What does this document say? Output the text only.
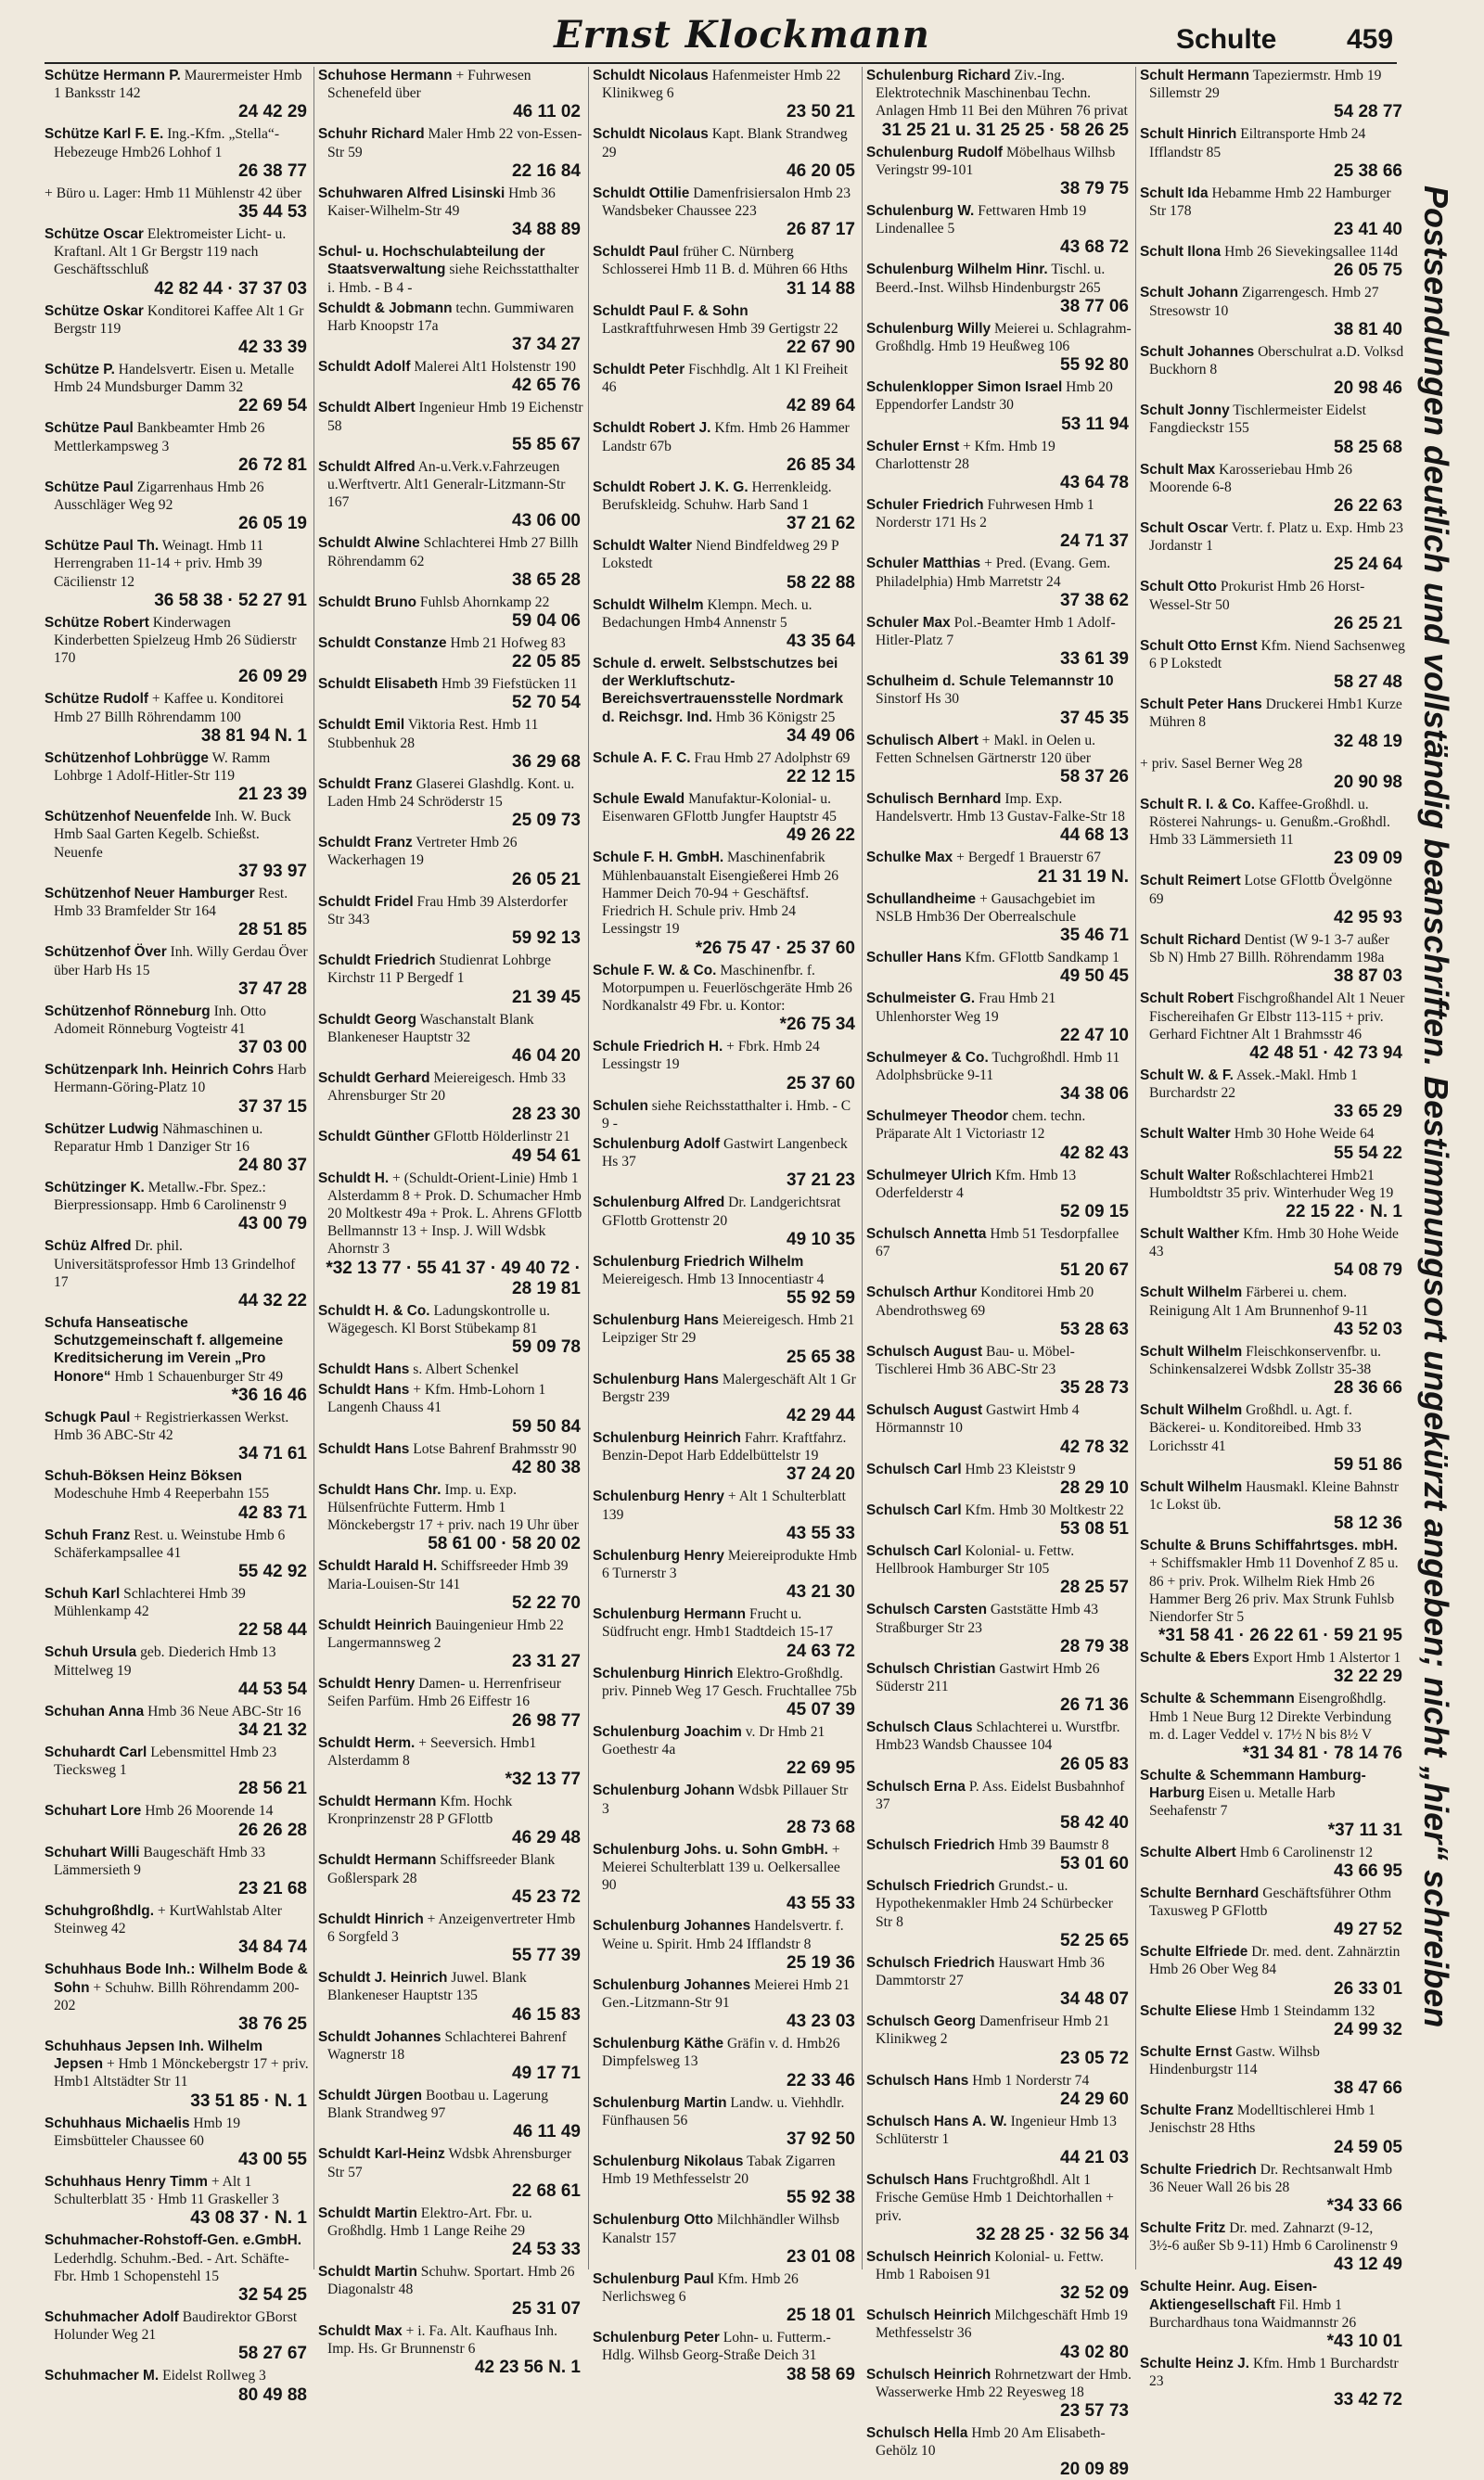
Ernst Klockmann	Schulte	459
Schütze Hermann P. Maurermeister Hmb 1 Banksstr 142
24 42 29
Schütze Karl F. E. Ing.-Kfm. „Stella“-Hebezeuge Hmb26 Lohhof 1
26 38 77
+ Büro u. Lager: Hmb 11 Mühlenstr 42 über
35 44 53
Schütze Oscar Elektromeister Licht- u. Kraftanl. Alt 1 Gr Bergstr 119 nach Geschäftsschluß
42 82 44 · 37 37 03
Schütze Oskar Konditorei Kaffee Alt 1 Gr Bergstr 119
42 33 39
Schütze P. Handelsvertr. Eisen u. Metalle Hmb 24 Mundsburger Damm 32
22 69 54
Schütze Paul Bankbeamter Hmb 26 Mettlerkampsweg 3
26 72 81
Schütze Paul Zigarrenhaus Hmb 26 Ausschläger Weg 92
26 05 19
Schütze Paul Th. Weinagt. Hmb 11 Herrengraben 11-14 + priv. Hmb 39 Cäcilienstr 12
36 58 38 · 52 27 91
Schütze Robert Kinderwagen Kinderbetten Spielzeug Hmb 26 Südierstr 170
26 09 29
Schütze Rudolf + Kaffee u. Konditorei Hmb 27 Billh Röhrendamm 100
38 81 94 N. 1
Schützenhof Lohbrügge W. Ramm Lohbrge 1 Adolf-Hitler-Str 119
21 23 39
Schützenhof Neuenfelde Inh. W. Buck Hmb Saal Garten Kegelb. Schießst. Neuenfe
37 93 97
Schützenhof Neuer Hamburger Rest. Hmb 33 Bramfelder Str 164
28 51 85
Schützenhof Över Inh. Willy Gerdau Över über Harb Hs 15
37 47 28
Schützenhof Rönneburg Inh. Otto Adomeit Rönneburg Vogteistr 41
37 03 00
Schützenpark Inh. Heinrich Cohrs Harb Hermann-Göring-Platz 10
37 37 15
Schützer Ludwig Nähmaschinen u. Reparatur Hmb 1 Danziger Str 16
24 80 37
Schützinger K. Metallw.-Fbr. Spez.: Bierpressionsapp. Hmb 6 Carolinenstr 9
43 00 79
Schüz Alfred Dr. phil. Universitätsprofessor Hmb 13 Grindelhof 17
44 32 22
Schufa Hanseatische Schutzgemeinschaft f. allgemeine Kreditsicherung im Verein „Pro Honore“ Hmb 1 Schauenburger Str 49
*36 16 46
Schugk Paul + Registrierkassen Werkst. Hmb 36 ABC-Str 42
34 71 61
Schuh-Böksen Heinz Böksen Modeschuhe Hmb 4 Reeperbahn 155
42 83 71
Schuh Franz Rest. u. Weinstube Hmb 6 Schäferkampsallee 41
55 42 92
Schuh Karl Schlachterei Hmb 39 Mühlenkamp 42
22 58 44
Schuh Ursula geb. Diederich Hmb 13 Mittelweg 19
44 53 54
Schuhan Anna Hmb 36 Neue ABC-Str 16
34 21 32
Schuhardt Carl Lebensmittel Hmb 23 Tiecksweg 1
28 56 21
Schuhart Lore Hmb 26 Moorende 14
26 26 28
Schuhart Willi Baugeschäft Hmb 33 Lämmersieth 9
23 21 68
Schuhgroßhdlg. + KurtWahlstab Alter Steinweg 42
34 84 74
Schuhhaus Bode Inh.: Wilhelm Bode & Sohn + Schuhw. Billh Röhrendamm 200-202
38 76 25
Schuhhaus Jepsen Inh. Wilhelm Jepsen + Hmb 1 Mönckebergstr 17 + priv. Hmb1 Altstädter Str 11
33 51 85 · N. 1
Schuhhaus Michaelis Hmb 19 Eimsbütteler Chaussee 60
43 00 55
Schuhhaus Henry Timm + Alt 1 Schulterblatt 35 · Hmb 11 Graskeller 3
43 08 37 · N. 1
Schuhmacher-Rohstoff-Gen. e.GmbH. Lederhdlg. Schuhm.-Bed. - Art. Schäfte-Fbr. Hmb 1 Schopenstehl 15
32 54 25
Schuhmacher Adolf Baudirektor GBorst Holunder Weg 21
58 27 67
Schuhmacher M. Eidelst Rollweg 3
80 49 88
Schuhose Hermann + Fuhrwesen Schenefeld über
46 11 02
Schuhr Richard Maler Hmb 22 von-Essen-Str 59
22 16 84
Schuhwaren Alfred Lisinski Hmb 36 Kaiser-Wilhelm-Str 49
34 88 89
Schul- u. Hochschulabteilung der Staatsverwaltung siehe Reichsstatthalter i. Hmb. - B 4 -
Schuldt & Jobmann techn. Gummiwaren Harb Knoopstr 17a
37 34 27
Schuldt Adolf Malerei Alt1 Holstenstr 190
42 65 76
Schuldt Albert Ingenieur Hmb 19 Eichenstr 58
55 85 67
Schuldt Alfred An-u.Verk.v.Fahrzeugen u.Werftvertr. Alt1 Generalr-Litzmann-Str 167
43 06 00
Schuldt Alwine Schlachterei Hmb 27 Billh Röhrendamm 62
38 65 28
Schuldt Bruno Fuhlsb Ahornkamp 22
59 04 06
Schuldt Constanze Hmb 21 Hofweg 83
22 05 85
Schuldt Elisabeth Hmb 39 Fiefstücken 11
52 70 54
Schuldt Emil Viktoria Rest. Hmb 11 Stubbenhuk 28
36 29 68
Schuldt Franz Glaserei Glashdlg. Kont. u. Laden Hmb 24 Schröderstr 15
25 09 73
Schuldt Franz Vertreter Hmb 26 Wackerhagen 19
26 05 21
Schuldt Fridel Frau Hmb 39 Alsterdorfer Str 343
59 92 13
Schuldt Friedrich Studienrat Lohbrge Kirchstr 11 P Bergedf 1
21 39 45
Schuldt Georg Waschanstalt Blank Blankeneser Hauptstr 32
46 04 20
Schuldt Gerhard Meiereigesch. Hmb 33 Ahrensburger Str 20
28 23 30
Schuldt Günther GFlottb Hölderlinstr 21
49 54 61
Schuldt H. + (Schuldt-Orient-Linie) Hmb 1 Alsterdamm 8 + Prok. D. Schumacher Hmb 20 Moltkestr 49a + Prok. L. Ahrens GFlottb Bellmannstr 13 + Insp. J. Will Wdsbk Ahornstr 3
*32 13 77 · 55 41 37 · 49 40 72 · 28 19 81
Schuldt H. & Co. Ladungskontrolle u. Wägegesch. Kl Borst Stübekamp 81
59 09 78
Schuldt Hans s. Albert Schenkel
Schuldt Hans + Kfm. Hmb-Lohorn 1 Langenh Chauss 41
59 50 84
Schuldt Hans Lotse Bahrenf Brahmsstr 90
42 80 38
Schuldt Hans Chr. Imp. u. Exp. Hülsenfrüchte Futterm. Hmb 1 Mönckebergstr 17 + priv. nach 19 Uhr über
58 61 00 · 58 20 02
Schuldt Harald H. Schiffsreeder Hmb 39 Maria-Louisen-Str 141
52 22 70
Schuldt Heinrich Bauingenieur Hmb 22 Langermannsweg 2
23 31 27
Schuldt Henry Damen- u. Herrenfriseur Seifen Parfüm. Hmb 26 Eiffestr 16
26 98 77
Schuldt Herm. + Seeversich. Hmb1 Alsterdamm 8
*32 13 77
Schuldt Hermann Kfm. Hochk Kronprinzenstr 28 P GFlottb
46 29 48
Schuldt Hermann Schiffsreeder Blank Goßlerspark 28
45 23 72
Schuldt Hinrich + Anzeigenvertreter Hmb 6 Sorgfeld 3
55 77 39
Schuldt J. Heinrich Juwel. Blank Blankeneser Hauptstr 135
46 15 83
Schuldt Johannes Schlachterei Bahrenf Wagnerstr 18
49 17 71
Schuldt Jürgen Bootbau u. Lagerung Blank Strandweg 97
46 11 49
Schuldt Karl-Heinz Wdsbk Ahrensburger Str 57
22 68 61
Schuldt Martin Elektro-Art. Fbr. u. Großhdlg. Hmb 1 Lange Reihe 29
24 53 33
Schuldt Martin Schuhw. Sportart. Hmb 26 Diagonalstr 48
25 31 07
Schuldt Max + i. Fa. Alt. Kaufhaus Inh. Imp. Hs. Gr Brunnenstr 6
42 23 56 N. 1
Schuldt Nicolaus Hafenmeister Hmb 22 Klinikweg 6
23 50 21
Schuldt Nicolaus Kapt. Blank Strandweg 29
46 20 05
Schuldt Ottilie Damenfrisiersalon Hmb 23 Wandsbeker Chaussee 223
26 87 17
Schuldt Paul früher C. Nürnberg Schlosserei Hmb 11 B. d. Mühren 66 Hths
31 14 88
Schuldt Paul F. & Sohn Lastkraftfuhrwesen Hmb 39 Gertigstr 22
22 67 90
Schuldt Peter Fischhdlg. Alt 1 Kl Freiheit 46
42 89 64
Schuldt Robert J. Kfm. Hmb 26 Hammer Landstr 67b
26 85 34
Schuldt Robert J. K. G. Herrenkleidg. Berufskleidg. Schuhw. Harb Sand 1
37 21 62
Schuldt Walter Niend Bindfeldweg 29 P Lokstedt
58 22 88
Schuldt Wilhelm Klempn. Mech. u. Bedachungen Hmb4 Annenstr 5
43 35 64
Schule d. erwelt. Selbstschutzes bei der Werkluftschutz-Bereichsvertrauensstelle Nordmark d. Reichsgr. Ind. Hmb 36 Königstr 25
34 49 06
Schule A. F. C. Frau Hmb 27 Adolphstr 69
22 12 15
Schule Ewald Manufaktur-Kolonial- u. Eisenwaren GFlottb Jungfer Hauptstr 45
49 26 22
Schule F. H. GmbH. Maschinenfabrik Mühlenbauanstalt Eisengießerei Hmb 26 Hammer Deich 70-94 + Geschäftsf. Friedrich H. Schule priv. Hmb 24 Lessingstr 19
*26 75 47 · 25 37 60
Schule F. W. & Co. Maschinenfbr. f. Motorpumpen u. Feuerlöschgeräte Hmb 26 Nordkanalstr 49 Fbr. u. Kontor:
*26 75 34
Schule Friedrich H. + Fbrk. Hmb 24 Lessingstr 19
25 37 60
Schulen siehe Reichsstatthalter i. Hmb. - C 9 -
Schulenburg Adolf Gastwirt Langenbeck Hs 37
37 21 23
Schulenburg Alfred Dr. Landgerichtsrat GFlottb Grottenstr 20
49 10 35
Schulenburg Friedrich Wilhelm Meiereigesch. Hmb 13 Innocentiastr 4
55 92 59
Schulenburg Hans Meiereigesch. Hmb 21 Leipziger Str 29
25 65 38
Schulenburg Hans Malergeschäft Alt 1 Gr Bergstr 239
42 29 44
Schulenburg Heinrich Fahrr. Kraftfahrz. Benzin-Depot Harb Eddelbüttelstr 19
37 24 20
Schulenburg Henry + Alt 1 Schulterblatt 139
43 55 33
Schulenburg Henry Meiereiprodukte Hmb 6 Turnerstr 3
43 21 30
Schulenburg Hermann Frucht u. Südfrucht engr. Hmb1 Stadtdeich 15-17
24 63 72
Schulenburg Hinrich Elektro-Großhdlg. priv. Pinneb Weg 17 Gesch. Fruchtallee 75b
45 07 39
Schulenburg Joachim v. Dr Hmb 21 Goethestr 4a
22 69 95
Schulenburg Johann Wdsbk Pillauer Str 3
28 73 68
Schulenburg Johs. u. Sohn GmbH. + Meierei Schulterblatt 139 u. Oelkersallee 90
43 55 33
Schulenburg Johannes Handelsvertr. f. Weine u. Spirit. Hmb 24 Ifflandstr 8
25 19 36
Schulenburg Johannes Meierei Hmb 21 Gen.-Litzmann-Str 91
43 23 03
Schulenburg Käthe Gräfin v. d. Hmb26 Dimpfelsweg 13
22 33 46
Schulenburg Martin Landw. u. Viehhdlr. Fünfhausen 56
37 92 50
Schulenburg Nikolaus Tabak Zigarren Hmb 19 Methfesselstr 20
55 92 38
Schulenburg Otto Milchhändler Wilhsb Kanalstr 157
23 01 08
Schulenburg Paul Kfm. Hmb 26 Nerlichsweg 6
25 18 01
Schulenburg Peter Lohn- u. Futterm.-Hdlg. Wilhsb Georg-Straße Deich 31
38 58 69
Schulenburg Richard Ziv.-Ing. Elektrotechnik Maschinenbau Techn. Anlagen Hmb 11 Bei den Mühren 76 privat
31 25 21 u. 31 25 25 · 58 26 25
Schulenburg Rudolf Möbelhaus Wilhsb Veringstr 99-101
38 79 75
Schulenburg W. Fettwaren Hmb 19 Lindenallee 5
43 68 72
Schulenburg Wilhelm Hinr. Tischl. u. Beerd.-Inst. Wilhsb Hindenburgstr 265
38 77 06
Schulenburg Willy Meierei u. Schlagrahm-Großhdlg. Hmb 19 Heußweg 106
55 92 80
Schulenklopper Simon Israel Hmb 20 Eppendorfer Landstr 30
53 11 94
Schuler Ernst + Kfm. Hmb 19 Charlottenstr 28
43 64 78
Schuler Friedrich Fuhrwesen Hmb 1 Norderstr 171 Hs 2
24 71 37
Schuler Matthias + Pred. (Evang. Gem. Philadelphia) Hmb Marretstr 24
37 38 62
Schuler Max Pol.-Beamter Hmb 1 Adolf-Hitler-Platz 7
33 61 39
Schulheim d. Schule Telemannstr 10 Sinstorf Hs 30
37 45 35
Schulisch Albert + Makl. in Oelen u. Fetten Schnelsen Gärtnerstr 120 über
58 37 26
Schulisch Bernhard Imp. Exp. Handelsvertr. Hmb 13 Gustav-Falke-Str 18
44 68 13
Schulke Max + Bergedf 1 Brauerstr 67
21 31 19 N.
Schullandheime + Gausachgebiet im NSLB Hmb36 Der Oberrealschule
35 46 71
Schuller Hans Kfm. GFlottb Sandkamp 1
49 50 45
Schulmeister G. Frau Hmb 21 Uhlenhorster Weg 19
22 47 10
Schulmeyer & Co. Tuchgroßhdl. Hmb 11 Adolphsbrücke 9-11
34 38 06
Schulmeyer Theodor chem. techn. Präparate Alt 1 Victoriastr 12
42 82 43
Schulmeyer Ulrich Kfm. Hmb 13 Oderfelderstr 4
52 09 15
Schulsch Annetta Hmb 51 Tesdorpfallee 67
51 20 67
Schulsch Arthur Konditorei Hmb 20 Abendrothsweg 69
53 28 63
Schulsch August Bau- u. Möbel-Tischlerei Hmb 36 ABC-Str 23
35 28 73
Schulsch August Gastwirt Hmb 4 Hörmannstr 10
42 78 32
Schulsch Carl Hmb 23 Kleiststr 9
28 29 10
Schulsch Carl Kfm. Hmb 30 Moltkestr 22
53 08 51
Schulsch Carl Kolonial- u. Fettw. Hellbrook Hamburger Str 105
28 25 57
Schulsch Carsten Gaststätte Hmb 43 Straßburger Str 23
28 79 38
Schulsch Christian Gastwirt Hmb 26 Süderstr 211
26 71 36
Schulsch Claus Schlachterei u. Wurstfbr. Hmb23 Wandsb Chaussee 104
26 05 83
Schulsch Erna P. Ass. Eidelst Busbahnhof 37
58 42 40
Schulsch Friedrich Hmb 39 Baumstr 8
53 01 60
Schulsch Friedrich Grundst.- u. Hypothekenmakler Hmb 24 Schürbecker Str 8
52 25 65
Schulsch Friedrich Hauswart Hmb 36 Dammtorstr 27
34 48 07
Schulsch Georg Damenfriseur Hmb 21 Klinikweg 2
23 05 72
Schulsch Hans Hmb 1 Norderstr 74
24 29 60
Schulsch Hans A. W. Ingenieur Hmb 13 Schlüterstr 1
44 21 03
Schulsch Hans Fruchtgroßhdl. Alt 1 Frische Gemüse Hmb 1 Deichtorhallen + priv.
32 28 25 · 32 56 34
Schulsch Heinrich Kolonial- u. Fettw. Hmb 1 Raboisen 91
32 52 09
Schulsch Heinrich Milchgeschäft Hmb 19 Methfesselstr 36
43 02 80
Schulsch Heinrich Rohrnetzwart der Hmb. Wasserwerke Hmb 22 Reyesweg 18
23 57 73
Schulsch Hella Hmb 20 Am Elisabeth-Gehölz 10
20 09 89
Schult Hermann Tapeziermstr. Hmb 19 Sillemstr 29
54 28 77
Schult Hinrich Eiltransporte Hmb 24 Ifflandstr 85
25 38 66
Schult Ida Hebamme Hmb 22 Hamburger Str 178
23 41 40
Schult Ilona Hmb 26 Sievekingsallee 114d
26 05 75
Schult Johann Zigarrengesch. Hmb 27 Stresowstr 10
38 81 40
Schult Johannes Oberschulrat a.D. Volksd Buckhorn 8
20 98 46
Schult Jonny Tischlermeister Eidelst Fangdieckstr 155
58 25 68
Schult Max Karosseriebau Hmb 26 Moorende 6-8
26 22 63
Schult Oscar Vertr. f. Platz u. Exp. Hmb 23 Jordanstr 1
25 24 64
Schult Otto Prokurist Hmb 26 Horst-Wessel-Str 50
26 25 21
Schult Otto Ernst Kfm. Niend Sachsenweg 6 P Lokstedt
58 27 48
Schult Peter Hans Druckerei Hmb1 Kurze Mühren 8
32 48 19
+ priv. Sasel Berner Weg 28
20 90 98
Schult R. I. & Co. Kaffee-Großhdl. u. Rösterei Nahrungs- u. Genußm.-Großhdl. Hmb 33 Lämmersieth 11
23 09 09
Schult Reimert Lotse GFlottb Övelgönne 69
42 95 93
Schult Richard Dentist (W 9-1 3-7 außer Sb N) Hmb 27 Billh. Röhrendamm 198a
38 87 03
Schult Robert Fischgroßhandel Alt 1 Neuer Fischereihafen Gr Elbstr 113-115 + priv. Gerhard Fichtner Alt 1 Brahmsstr 46
42 48 51 · 42 73 94
Schult W. & F. Assek.-Makl. Hmb 1 Burchardstr 22
33 65 29
Schult Walter Hmb 30 Hohe Weide 64
55 54 22
Schult Walter Roßschlachterei Hmb21 Humboldtstr 35 priv. Winterhuder Weg 19
22 15 22 · N. 1
Schult Walther Kfm. Hmb 30 Hohe Weide 43
54 08 79
Schult Wilhelm Färberei u. chem. Reinigung Alt 1 Am Brunnenhof 9-11
43 52 03
Schult Wilhelm Fleischkonservenfbr. u. Schinkensalzerei Wdsbk Zollstr 35-38
28 36 66
Schult Wilhelm Großhdl. u. Agt. f. Bäckerei- u. Konditoreibed. Hmb 33 Lorichsstr 41
59 51 86
Schult Wilhelm Hausmakl. Kleine Bahnstr 1c Lokst üb.
58 12 36
Schulte & Bruns Schiffahrtsges. mbH. + Schiffsmakler Hmb 11 Dovenhof Z 85 u. 86 + priv. Prok. Wilhelm Riek Hmb 26 Hammer Berg 26 priv. Max Strunk Fuhlsb Niendorfer Str 5
*31 58 41 · 26 22 61 · 59 21 95
Schulte & Ebers Export Hmb 1 Alstertor 1
32 22 29
Schulte & Schemmann Eisengroßhdlg. Hmb 1 Neue Burg 12 Direkte Verbindung m. d. Lager Veddel v. 17½ N bis 8½ V
*31 34 81 · 78 14 76
Schulte & Schemmann Hamburg-Harburg Eisen u. Metalle Harb Seehafenstr 7
*37 11 31
Schulte Albert Hmb 6 Carolinenstr 12
43 66 95
Schulte Bernhard Geschäftsführer Othm Taxusweg P GFlottb
49 27 52
Schulte Elfriede Dr. med. dent. Zahnärztin Hmb 26 Ober Weg 84
26 33 01
Schulte Eliese Hmb 1 Steindamm 132
24 99 32
Schulte Ernst Gastw. Wilhsb Hindenburgstr 114
38 47 66
Schulte Franz Modelltischlerei Hmb 1 Jenischstr 28 Hths
24 59 05
Schulte Friedrich Dr. Rechtsanwalt Hmb 36 Neuer Wall 26 bis 28
*34 33 66
Schulte Fritz Dr. med. Zahnarzt (9-12, 3½-6 außer Sb 9-11) Hmb 6 Carolinenstr 9
43 12 49
Schulte Heinr. Aug. Eisen-Aktiengesellschaft Fil. Hmb 1 Burchardhaus tona Waidmannstr 26
*43 10 01
Schulte Heinz J. Kfm. Hmb 1 Burchardstr 23
33 42 72
Postsendungen deutlich und vollständig beanschriften. Bestimmungsort ungekürzt angeben; nicht „hier“ schreiben
